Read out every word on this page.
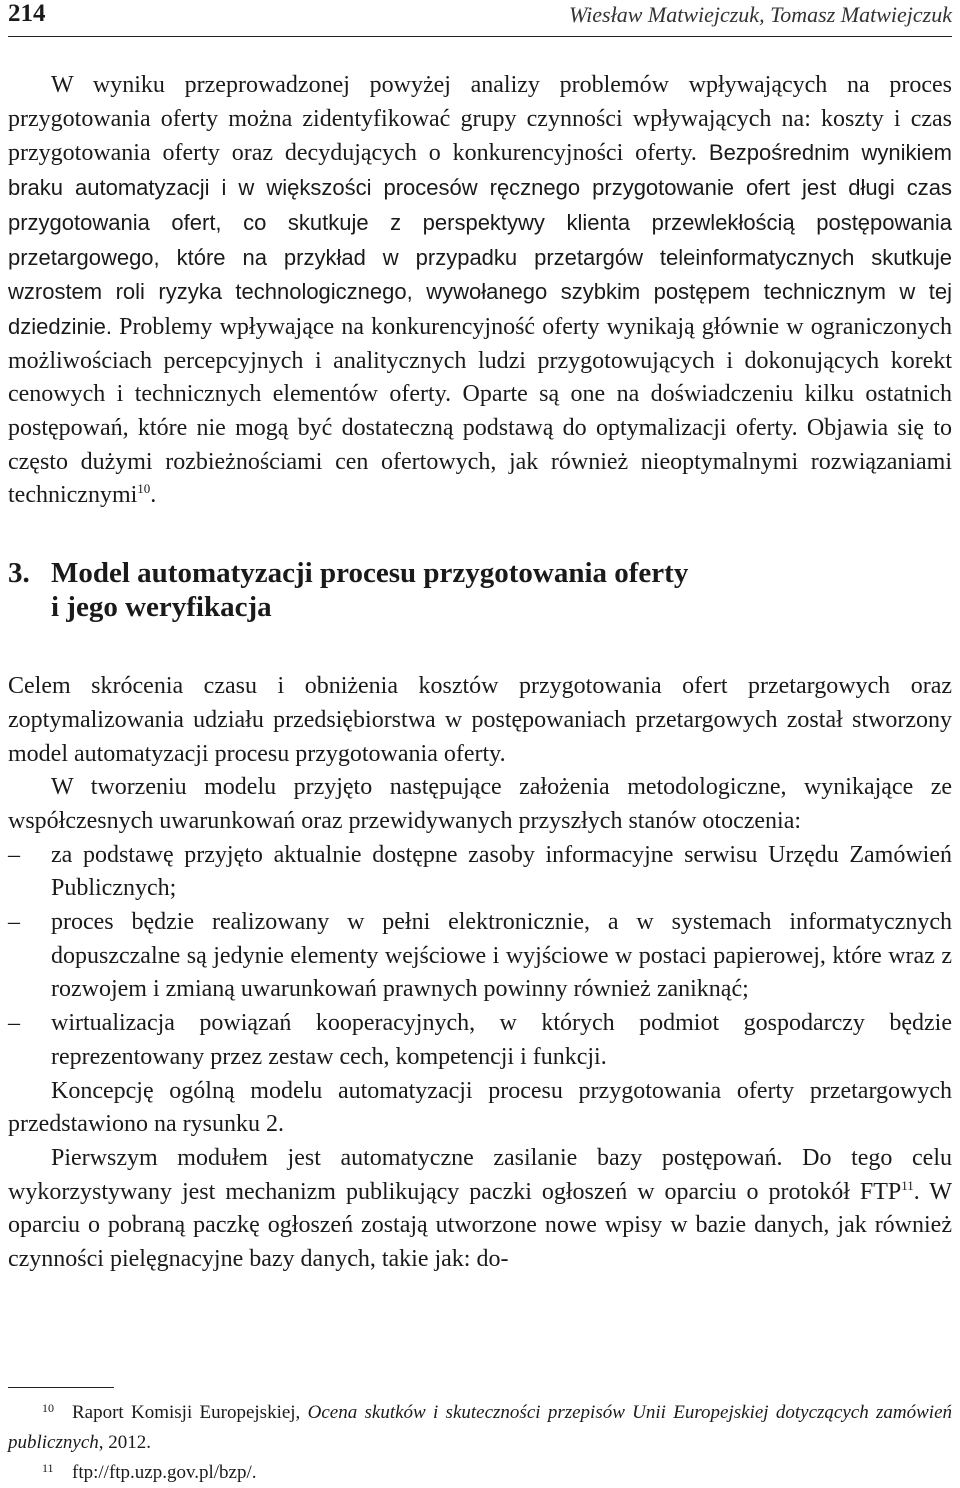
214	Wiesław Matwiejczuk, Tomasz Matwiejczuk

W wyniku przeprowadzonej powyżej analizy problemów wpływających na proces przygotowania oferty można zidentyfikować grupy czynności wpływających na: koszty i czas przygotowania oferty oraz decydujących o konkurencyjności oferty. Bezpośrednim wynikiem braku automatyzacji i w większości procesów ręcznego przygotowanie ofert jest długi czas przygotowania ofert, co skutkuje z perspektywy klienta przewlekłością postępowania przetargowego, które na przykład w przypadku przetargów teleinformatycznych skutkuje wzrostem roli ryzyka technologicznego, wywołanego szybkim postępem technicznym w tej dziedzinie. Problemy wpływające na konkurencyjność oferty wynikają głównie w ograniczonych możliwościach percepcyjnych i analitycznych ludzi przygotowujących i dokonujących korekt cenowych i technicznych elementów oferty. Oparte są one na doświadczeniu kilku ostatnich postępowań, które nie mogą być dostateczną podstawą do optymalizacji oferty. Objawia się to często dużymi rozbieżnościami cen ofertowych, jak również nieoptymalnymi rozwiązaniami technicznymi$^{10}$.

3. Model automatyzacji procesu przygotowania oferty
i jego weryfikacja

Celem skrócenia czasu i obniżenia kosztów przygotowania ofert przetargowych oraz zoptymalizowania udziału przedsiębiorstwa w postępowaniach przetargowych został stworzony model automatyzacji procesu przygotowania oferty.

W tworzeniu modelu przyjęto następujące założenia metodologiczne, wynikające ze współczesnych uwarunkowań oraz przewidywanych przyszłych stanów otoczenia:

– za podstawę przyjęto aktualnie dostępne zasoby informacyjne serwisu Urzędu Zamówień Publicznych;
– proces będzie realizowany w pełni elektronicznie, a w systemach informatycznych dopuszczalne są jedynie elementy wejściowe i wyjściowe w postaci papierowej, które wraz z rozwojem i zmianą uwarunkowań prawnych powinny również zaniknąć;
– wirtualizacja powiązań kooperacyjnych, w których podmiot gospodarczy będzie reprezentowany przez zestaw cech, kompetencji i funkcji.

Koncepcję ogólną modelu automatyzacji procesu przygotowania oferty przetargowych przedstawiono na rysunku 2.

Pierwszym modułem jest automatyczne zasilanie bazy postępowań. Do tego celu wykorzystywany jest mechanizm publikujący paczki ogłoszeń w oparciu o protokół FTP$^{11}$. W oparciu o pobraną paczkę ogłoszeń zostają utworzone nowe wpisy w bazie danych, jak również czynności pielęgnacyjne bazy danych, takie jak: do-

10 Raport Komisji Europejskiej, Ocena skutków i skuteczności przepisów Unii Europejskiej dotyczących zamówień publicznych, 2012.

11 ftp://ftp.uzp.gov.pl/bzp/.
